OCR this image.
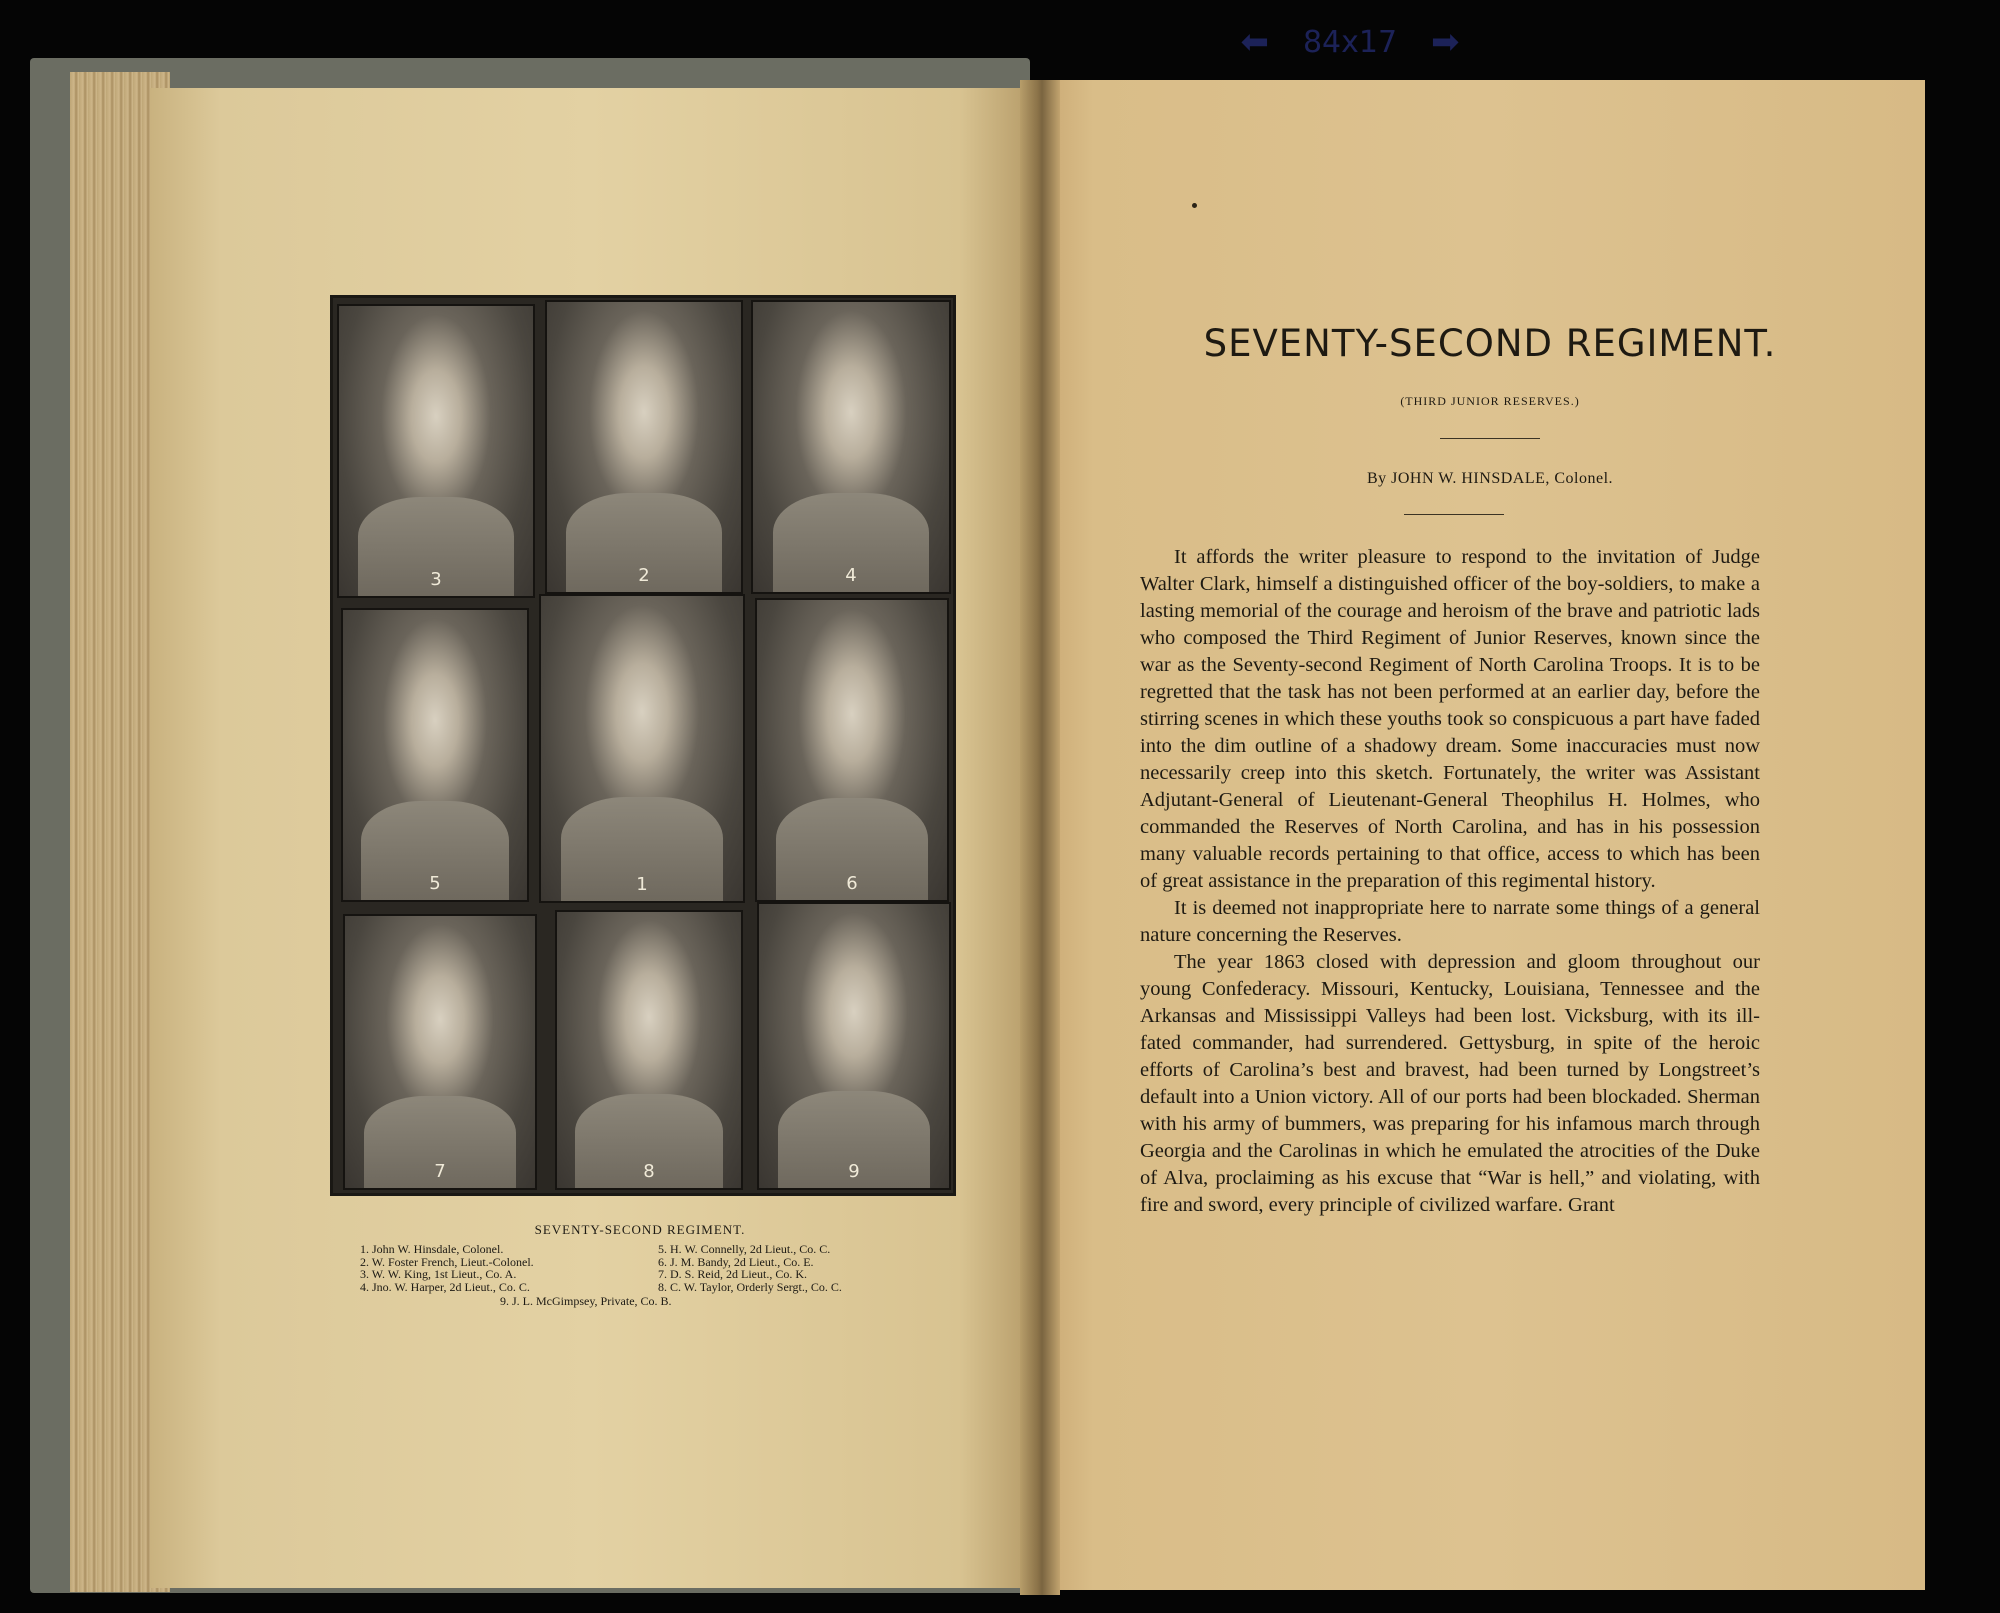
⬅ 84x17 ➡
3	2	4
5	1	6
7	8	9
SEVENTY-SECOND REGIMENT.
1. John W. Hinsdale, Colonel.
2. W. Foster French, Lieut.-Colonel.
3. W. W. King, 1st Lieut., Co. A.
4. Jno. W. Harper, 2d Lieut., Co. C.
5. H. W. Connelly, 2d Lieut., Co. C.
6. J. M. Bandy, 2d Lieut., Co. E.
7. D. S. Reid, 2d Lieut., Co. K.
8. C. W. Taylor, Orderly Sergt., Co. C.
9. J. L. McGimpsey, Private, Co. B.
SEVENTY-SECOND REGIMENT.
(THIRD JUNIOR RESERVES.)
By JOHN W. HINSDALE, Colonel.

It affords the writer pleasure to respond to the invitation of Judge Walter Clark, himself a distinguished officer of the boy-soldiers, to make a lasting memorial of the courage and heroism of the brave and patriotic lads who composed the Third Regiment of Junior Reserves, known since the war as the Seventy-second Regiment of North Carolina Troops. It is to be regretted that the task has not been performed at an earlier day, before the stirring scenes in which these youths took so conspicuous a part have faded into the dim outline of a shadowy dream. Some inaccuracies must now necessarily creep into this sketch. Fortunately, the writer was Assistant Adjutant-General of Lieutenant-General Theophilus H. Holmes, who commanded the Reserves of North Carolina, and has in his possession many valuable records pertaining to that office, access to which has been of great assistance in the preparation of this regimental history.

It is deemed not inappropriate here to narrate some things of a general nature concerning the Reserves.

The year 1863 closed with depression and gloom throughout our young Confederacy. Missouri, Kentucky, Louisiana, Tennessee and the Arkansas and Mississippi Valleys had been lost. Vicksburg, with its ill-fated commander, had surrendered. Gettysburg, in spite of the heroic efforts of Carolina’s best and bravest, had been turned by Longstreet’s default into a Union victory. All of our ports had been blockaded. Sherman with his army of bummers, was preparing for his infamous march through Georgia and the Carolinas in which he emulated the atrocities of the Duke of Alva, proclaiming as his excuse that “War is hell,” and violating, with fire and sword, every principle of civilized warfare. Grant
